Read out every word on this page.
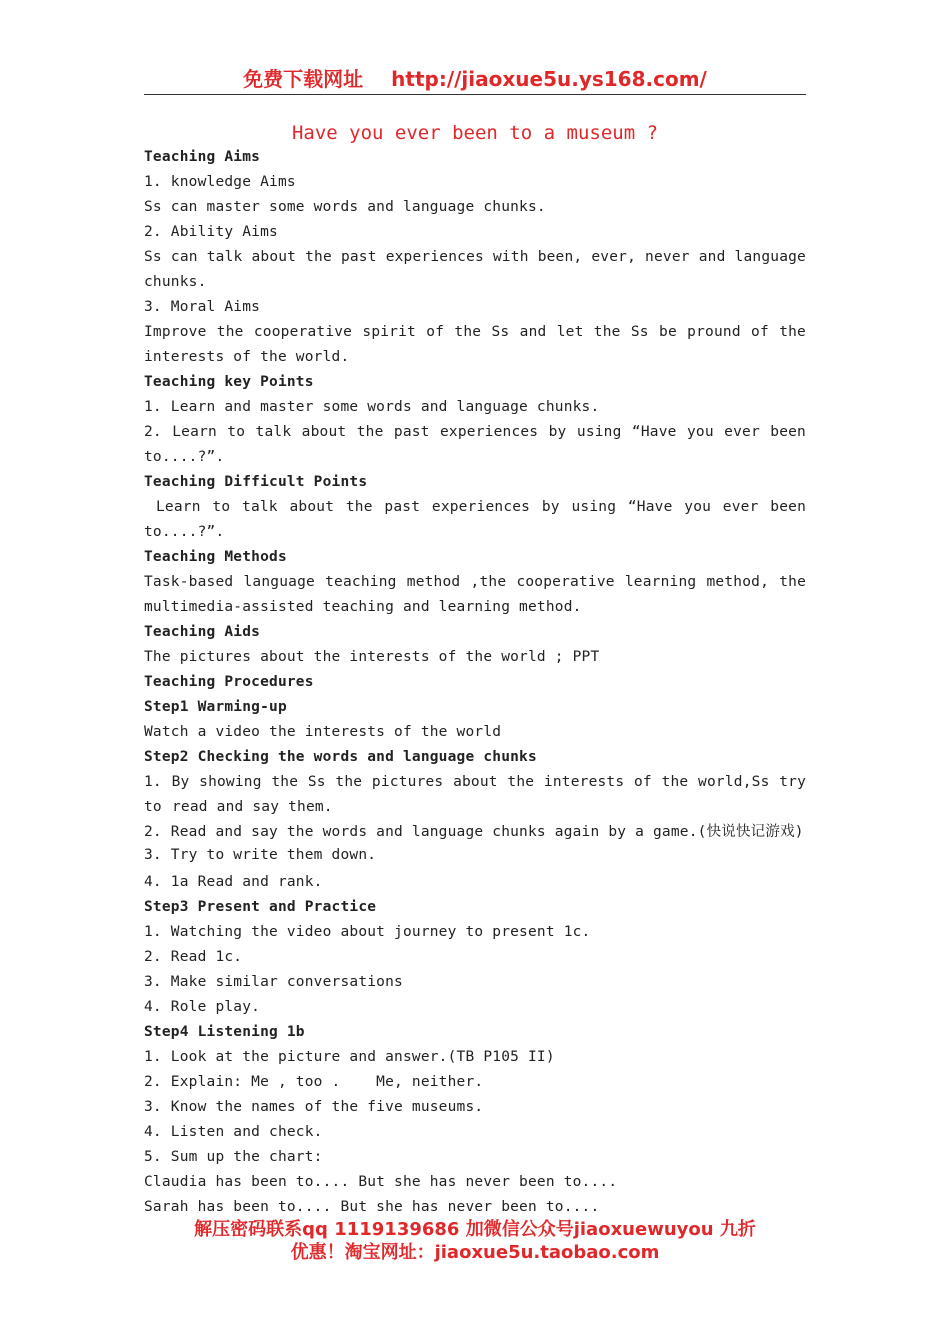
免费下载网址 http://jiaoxue5u.ys168.com/
Have you ever been to a museum ?
Teaching Aims
1. knowledge Aims
Ss can master some words and language chunks.
2. Ability Aims
Ss can talk about the past experiences with been, ever, never and language
chunks.
3. Moral Aims
Improve the cooperative spirit of the Ss and let the Ss be pround of the
interests of the world.
Teaching key Points
1. Learn and master some words and language chunks.
2. Learn to talk about the past experiences by using “Have you ever been
to....?”.
Teaching Difficult Points
Learn to talk about the past experiences by using “Have you ever been
to....?”.
Teaching Methods
Task-based language teaching method ,the cooperative learning method, the
multimedia-assisted teaching and learning method.
Teaching Aids
The pictures about the interests of the world ; PPT
Teaching Procedures
Step1 Warming-up
Watch a video the interests of the world
Step2 Checking the words and language chunks
1. By showing the Ss the pictures about the interests of the world,Ss try to read and say them.
2. Read and say the words and language chunks again by a game.(快说快记游戏)
3. Try to write them down.
4. 1a Read and rank.
Step3 Present and Practice
1. Watching the video about journey to present 1c.
2. Read 1c.
3. Make similar conversations
4. Role play.
Step4 Listening 1b
1. Look at the picture and answer.(TB P105 II)
2. Explain: Me , too .    Me, neither.
3. Know the names of the five museums.
4. Listen and check.
5. Sum up the chart:
Claudia has been to.... But she has never been to....
Sarah has been to.... But she has never been to....
解压密码联系qq 1119139686 加微信公众号jiaoxuewuyou 九折
优惠！淘宝网址：jiaoxue5u.taobao.com
